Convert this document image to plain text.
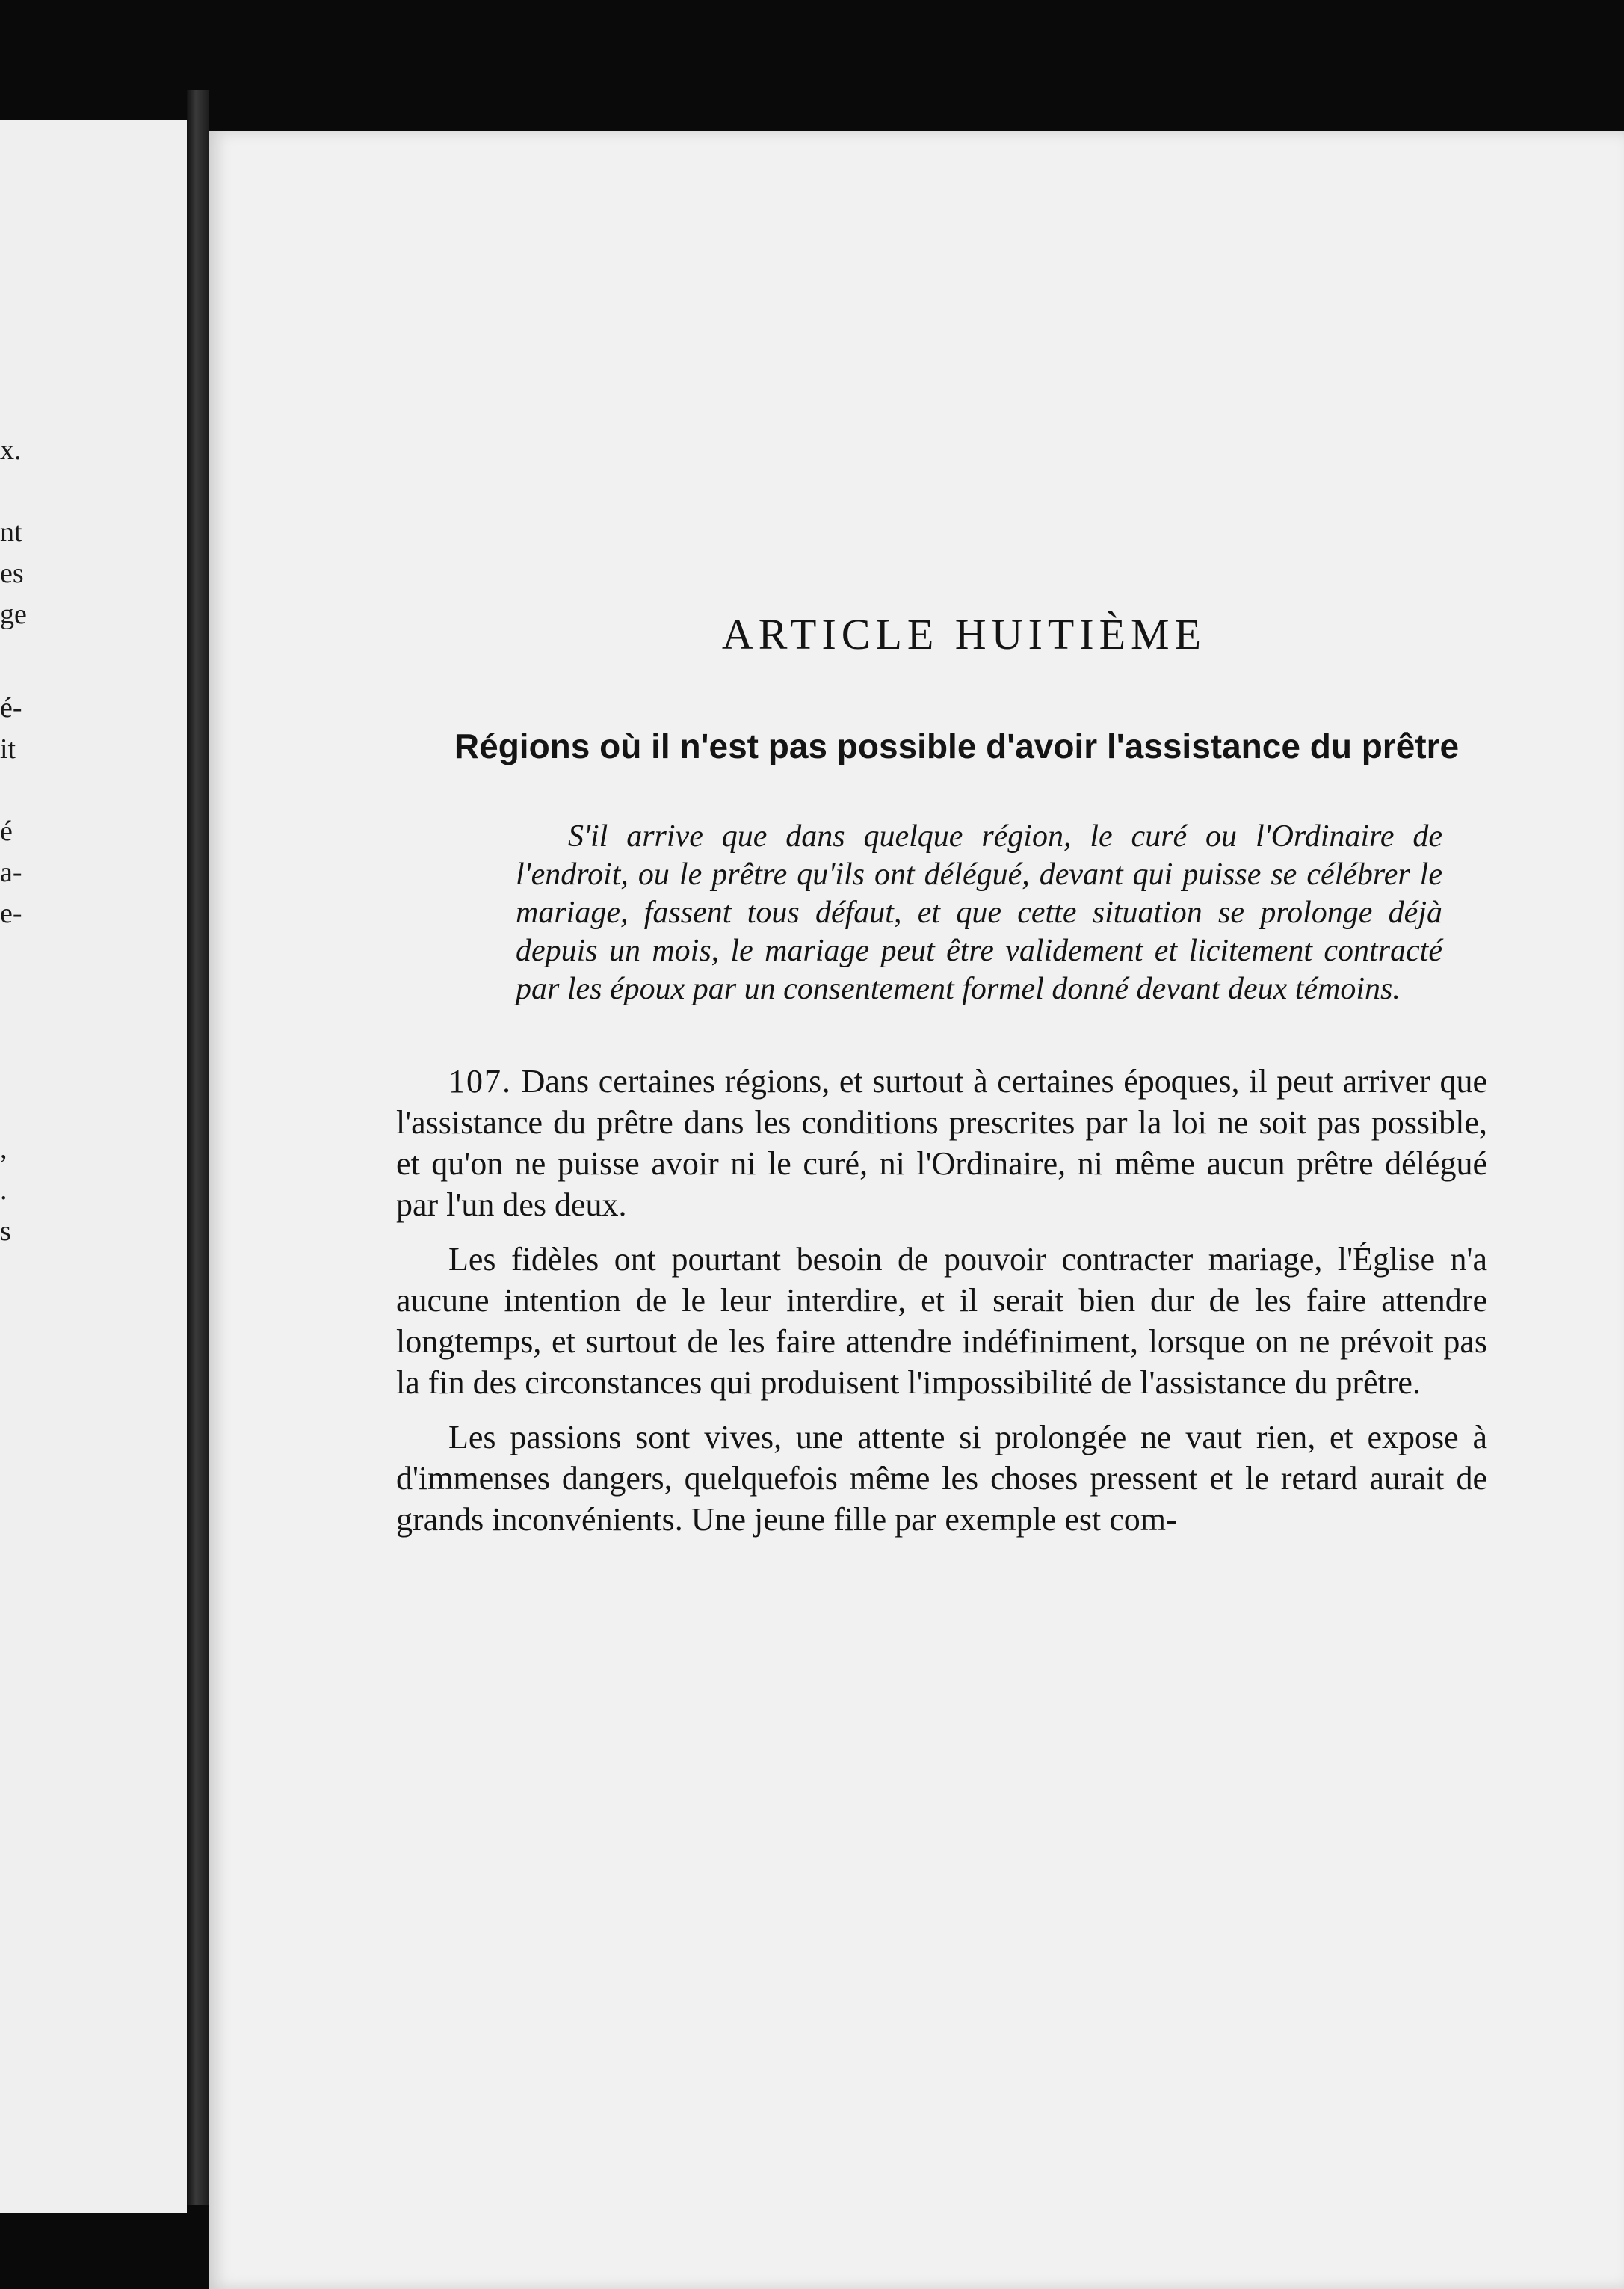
x.
nt
es
ge
é-
it
é
a-
e-
,
.
s
ARTICLE HUITIÈME
Régions où il n'est pas possible d'avoir l'assistance du prêtre

S'il arrive que dans quelque région, le curé ou l'Ordinaire de l'endroit, ou le prêtre qu'ils ont délégué, devant qui puisse se célébrer le mariage, fassent tous défaut, et que cette situation se prolonge déjà depuis un mois, le mariage peut être validement et licitement contracté par les époux par un consentement formel donné devant deux témoins.

107. Dans certaines régions, et surtout à certaines époques, il peut arriver que l'assistance du prêtre dans les conditions prescrites par la loi ne soit pas possible, et qu'on ne puisse avoir ni le curé, ni l'Ordinaire, ni même aucun prêtre délégué par l'un des deux.

Les fidèles ont pourtant besoin de pouvoir contracter mariage, l'Église n'a aucune intention de le leur interdire, et il serait bien dur de les faire attendre longtemps, et surtout de les faire attendre indéfiniment, lorsque on ne prévoit pas la fin des circonstances qui produisent l'impossibilité de l'assistance du prêtre.

Les passions sont vives, une attente si prolongée ne vaut rien, et expose à d'immenses dangers, quelquefois même les choses pressent et le retard aurait de grands inconvénients. Une jeune fille par exemple est com-
